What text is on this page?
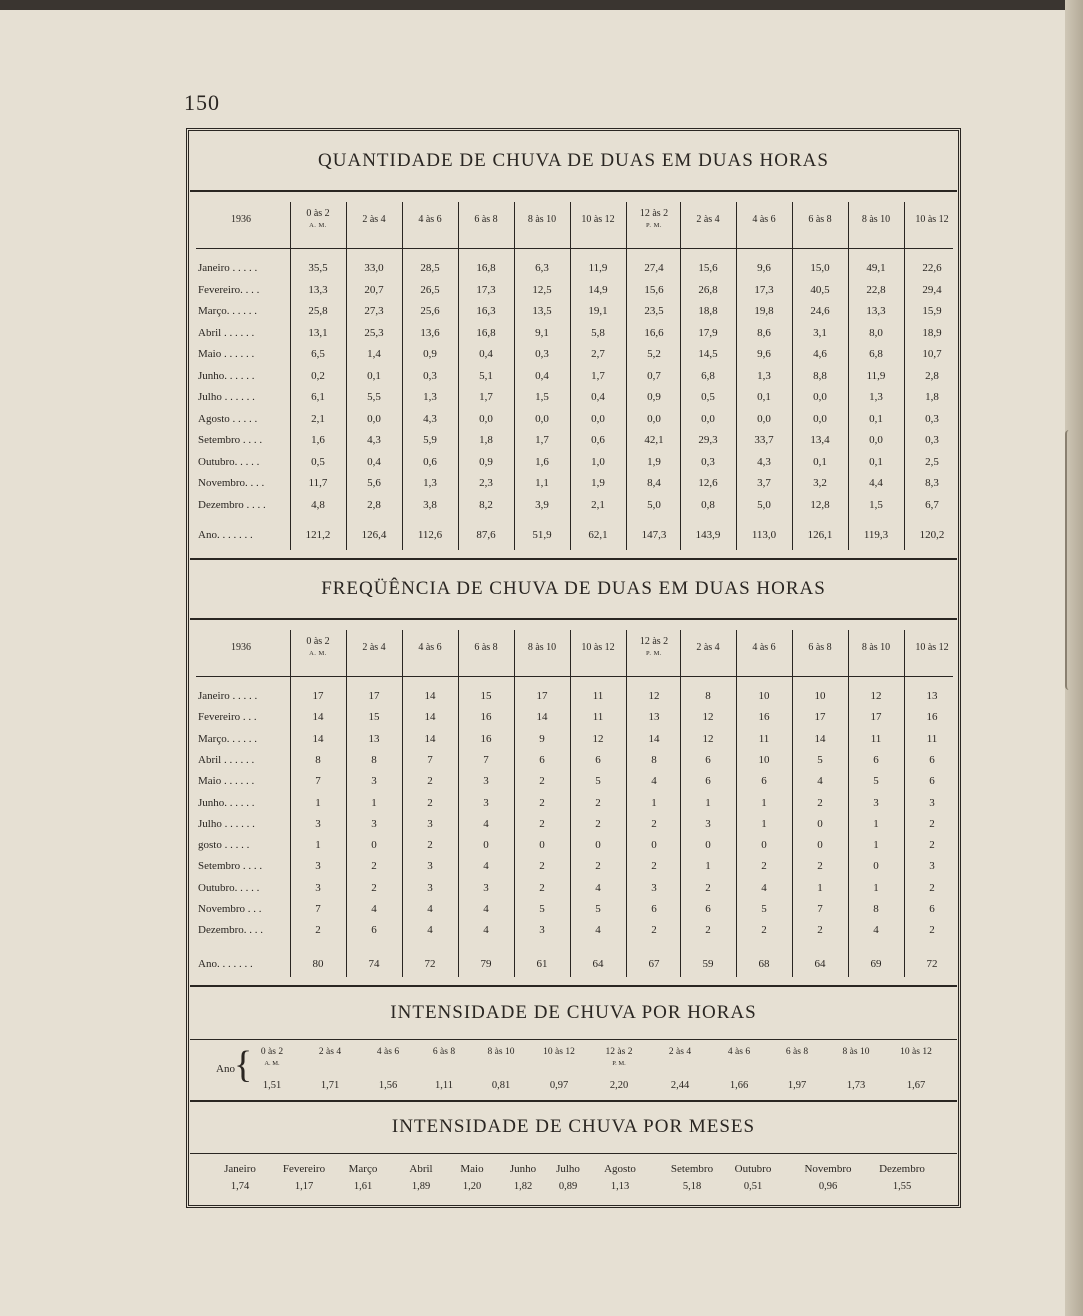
150
QUANTIDADE DE CHUVA DE DUAS EM DUAS HORAS
1936
0 às 2
A. M.
2 às 4	4 às 6	6 às 8	8 às 10	10 às 12
12 às 2
P. M.
2 às 4	4 às 6	6 às 8	8 às 10	10 às 12
Janeiro . . . . .	35,5	33,0	28,5	16,8	6,3	11,9	27,4	15,6	9,6	15,0	49,1	22,6
Fevereiro. . . .	13,3	20,7	26,5	17,3	12,5	14,9	15,6	26,8	17,3	40,5	22,8	29,4
Março. . . . . .	25,8	27,3	25,6	16,3	13,5	19,1	23,5	18,8	19,8	24,6	13,3	15,9
Abril . . . . . .	13,1	25,3	13,6	16,8	9,1	5,8	16,6	17,9	8,6	3,1	8,0	18,9
Maio . . . . . .	6,5	1,4	0,9	0,4	0,3	2,7	5,2	14,5	9,6	4,6	6,8	10,7
Junho. . . . . .	0,2	0,1	0,3	5,1	0,4	1,7	0,7	6,8	1,3	8,8	11,9	2,8
Julho . . . . . .	6,1	5,5	1,3	1,7	1,5	0,4	0,9	0,5	0,1	0,0	1,3	1,8
Agosto . . . . .	2,1	0,0	4,3	0,0	0,0	0,0	0,0	0,0	0,0	0,0	0,1	0,3
Setembro . . . .	1,6	4,3	5,9	1,8	1,7	0,6	42,1	29,3	33,7	13,4	0,0	0,3
Outubro. . . . .	0,5	0,4	0,6	0,9	1,6	1,0	1,9	0,3	4,3	0,1	0,1	2,5
Novembro. . . .	11,7	5,6	1,3	2,3	1,1	1,9	8,4	12,6	3,7	3,2	4,4	8,3
Dezembro . . . .	4,8	2,8	3,8	8,2	3,9	2,1	5,0	0,8	5,0	12,8	1,5	6,7
Ano. . . . . . .	121,2	126,4	112,6	87,6	51,9	62,1	147,3	143,9	113,0	126,1	119,3	120,2
FREQÜÊNCIA DE CHUVA DE DUAS EM DUAS HORAS
1936
0 às 2
A. M.
2 às 4	4 às 6	6 às 8	8 às 10	10 às 12
12 às 2
P. M.
2 às 4	4 às 6	6 às 8	8 às 10	10 às 12
Janeiro . . . . .	17	17	14	15	17	11	12	8	10	10	12	13
Fevereiro . . .	14	15	14	16	14	11	13	12	16	17	17	16
Março. . . . . .	14	13	14	16	9	12	14	12	11	14	11	11
Abril . . . . . .	8	8	7	7	6	6	8	6	10	5	6	6
Maio . . . . . .	7	3	2	3	2	5	4	6	6	4	5	6
Junho. . . . . .	1	1	2	3	2	2	1	1	1	2	3	3
Julho . . . . . .	3	3	3	4	2	2	2	3	1	0	1	2
gosto . . . . .	1	0	2	0	0	0	0	0	0	0	1	2
Setembro . . . .	3	2	3	4	2	2	2	1	2	2	0	3
Outubro. . . . .	3	2	3	3	2	4	3	2	4	1	1	2
Novembro . . .	7	4	4	4	5	5	6	6	5	7	8	6
Dezembro. . . .	2	6	4	4	3	4	2	2	2	2	4	2
Ano. . . . . . .	80	74	72	79	61	64	67	59	68	64	69	72
INTENSIDADE DE CHUVA POR HORAS
Ano { 0 às 2
A. M.
2 às 4	4 às 6	6 às 8	8 às 10	10 às 12	12 às 2
P. M.
2 às 4	4 às 6	6 às 8	8 às 10	10 às 12
1,51	1,71	1,56	1,11	0,81	0,97	2,20	2,44	1,66	1,97	1,73	1,67
INTENSIDADE DE CHUVA POR MESES
Janeiro	Fevereiro	Março	Abril	Maio	Junho	Julho	Agosto	Setembro	Outubro	Novembro	Dezembro
1,74	1,17	1,61	1,89	1,20	1,82	0,89	1,13	5,18	0,51	0,96	1,55
